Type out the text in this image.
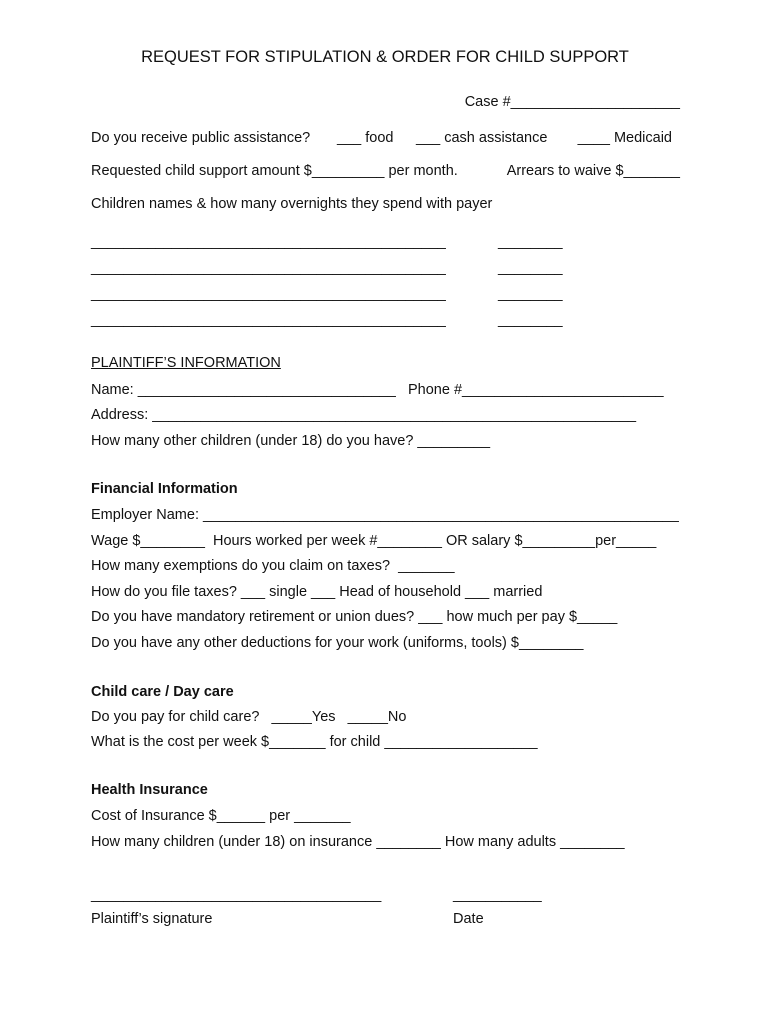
REQUEST FOR STIPULATION & ORDER FOR CHILD SUPPORT
Case #_____________________
Do you receive public assistance? ___ food ___ cash assistance	____ Medicaid
Requested child support amount $_________ per month.	Arrears to waive $_______
Children names & how many overnights they spend with payer
____________________________________________	________
____________________________________________	________
____________________________________________	________
____________________________________________	________
PLAINTIFF’S INFORMATION
Name: ________________________________ Phone #_________________________
Address: ____________________________________________________________
How many other children (under 18) do you have? _________
Financial Information
Employer Name: ___________________________________________________________
Wage $________  Hours worked per week #________ OR salary $_________per_____
How many exemptions do you claim on taxes?  _______
How do you file taxes? ___ single ___ Head of household ___ married
Do you have mandatory retirement or union dues? ___ how much per pay $_____
Do you have any other deductions for your work (uniforms, tools) $________
Child care / Day care
Do you pay for child care?   _____Yes   _____No
What is the cost per week $_______ for child ___________________
Health Insurance
Cost of Insurance $______ per _______
How many children (under 18) on insurance ________ How many adults ________
____________________________________	___________
Plaintiff’s signature	Date
